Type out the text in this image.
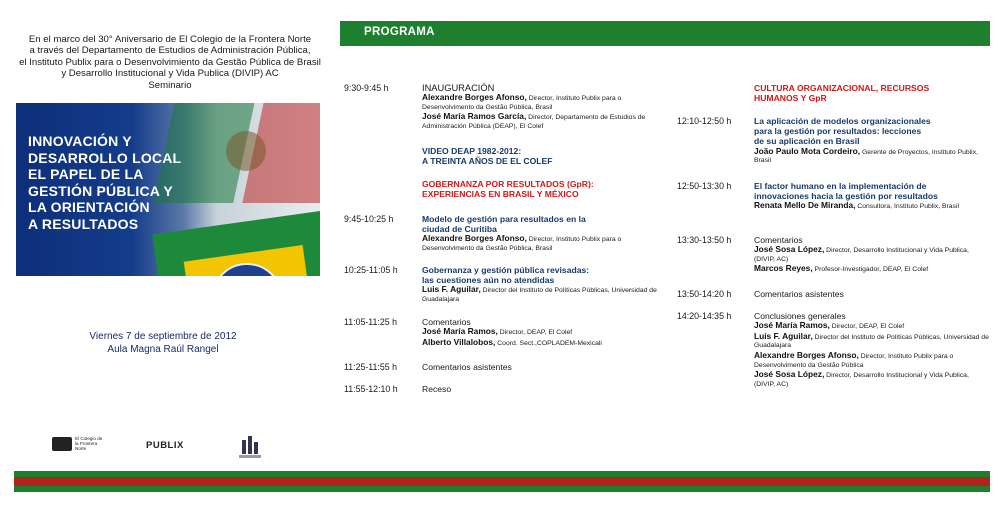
En el marco del 30° Aniversario de El Colegio de la Frontera Norte
a través del Departamento de Estudios de Administración Pública,
el Instituto Publix para o Desenvolvimiento da Gestão Pública de Brasil
y Desarrollo Institucional y Vida Publica (DIVIP) AC
Seminario
INNOVACIÓN Y
DESARROLLO LOCAL
EL PAPEL DE LA
GESTIÓN PÚBLICA Y
LA ORIENTACIÓN
A RESULTADOS
Viernes 7 de septiembre de 2012
Aula Magna Raúl Rangel
El Colegio de la Frontera Norte	PUBLIX
PROGRAMA
9:30-9:45 h	INAUGURACIÓN
Alexandre Borges Afonso, Director, Instituto Publix para o Desenvolvimento da Gestão Pública, Brasil
José María Ramos García, Director, Departamento de Estudios de Administración Pública (DEAP), El Colef
VIDEO DEAP 1982-2012:
A TREINTA AÑOS DE EL COLEF
GOBERNANZA POR RESULTADOS (GpR):
EXPERIENCIAS EN BRASIL Y MÉXICO
9:45-10:25 h	Modelo de gestión para resultados en la
ciudad de Curitiba
Alexandre Borges Afonso, Director, Instituto Publix para o Desenvolvimento da Gestão Pública, Brasil
10:25-11:05 h	Gobernanza y gestión pública revisadas:
las cuestiones aún no atendidas
Luis F. Aguilar, Director del Instituto de Políticas Públicas, Universidad de Guadalajara
11:05-11:25 h	Comentarios
José María Ramos, Director, DEAP, El Colef
Alberto Villalobos, Coord. Sect.,COPLADEM-Mexicali
11:25-11:55 h	Comentarios asistentes
11:55-12:10 h	Receso
CULTURA ORGANIZACIONAL, RECURSOS
HUMANOS Y GpR
12:10-12:50 h	La aplicación de modelos organizacionales
para la gestión por resultados: lecciones
de su aplicación en Brasil
João Paulo Mota Cordeiro, Gerente de Proyectos, Instituto Publix, Brasil
12:50-13:30 h	El factor humano en la implementación de
innovaciones hacia la gestión por resultados
Renata Mello De Miranda, Consultora, Instituto Publix, Brasil
13:30-13:50 h	Comentarios
José Sosa López, Director, Desarrollo Institucional y Vida Publica, (DIVIP, AC)
Marcos Reyes, Profesor-Investigador, DEAP, El Colef
13:50-14:20 h	Comentarios asistentes
14:20-14:35 h	Conclusiones generales
José María Ramos, Director, DEAP, El Colef
Luis F. Aguilar, Director del Instituto de Políticas Públicas, Universidad de Guadalajara
Alexandre Borges Afonso, Director, Instituto Publix para o Desenvolvimento da Gestão Pública
José Sosa López, Director, Desarrollo Institucional y Vida Publica, (DIVIP, AC)
